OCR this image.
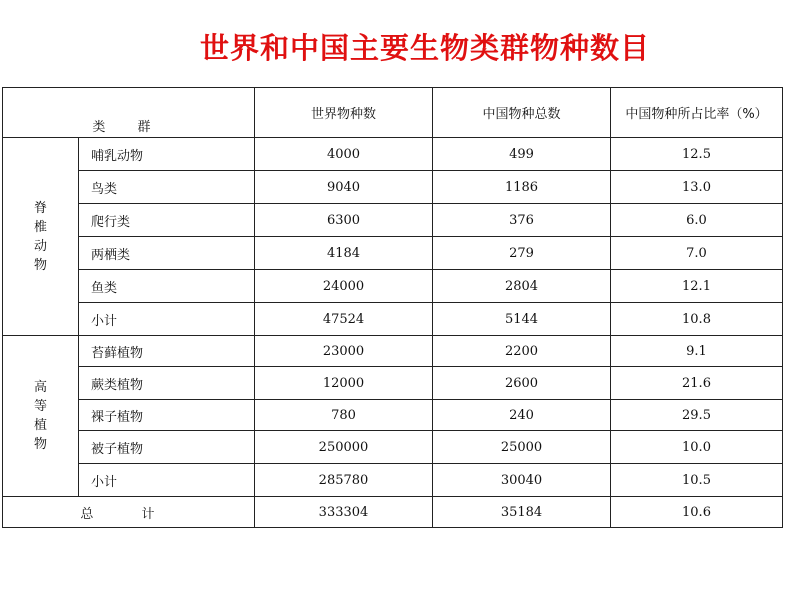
世界和中国主要生物类群物种数目
类 群		世界物种数	中国物种总数	中国物种所占比率（%）

脊
椎
动
物	哺乳动物	4000	499	12.5
	鸟类	9040	1186	13.0
	爬行类	6300	376	6.0
	两栖类	4184	279	7.0
	鱼类	24000	2804	12.1
	小计	47524	5144	10.8

高
等
植
物	苔藓植物	23000	2200	9.1
	蕨类植物	12000	2600	21.6
	裸子植物	780	240	29.5
	被子植物	250000	25000	10.0
	小计	285780	30040	10.5
总 计		333304	35184	10.6
